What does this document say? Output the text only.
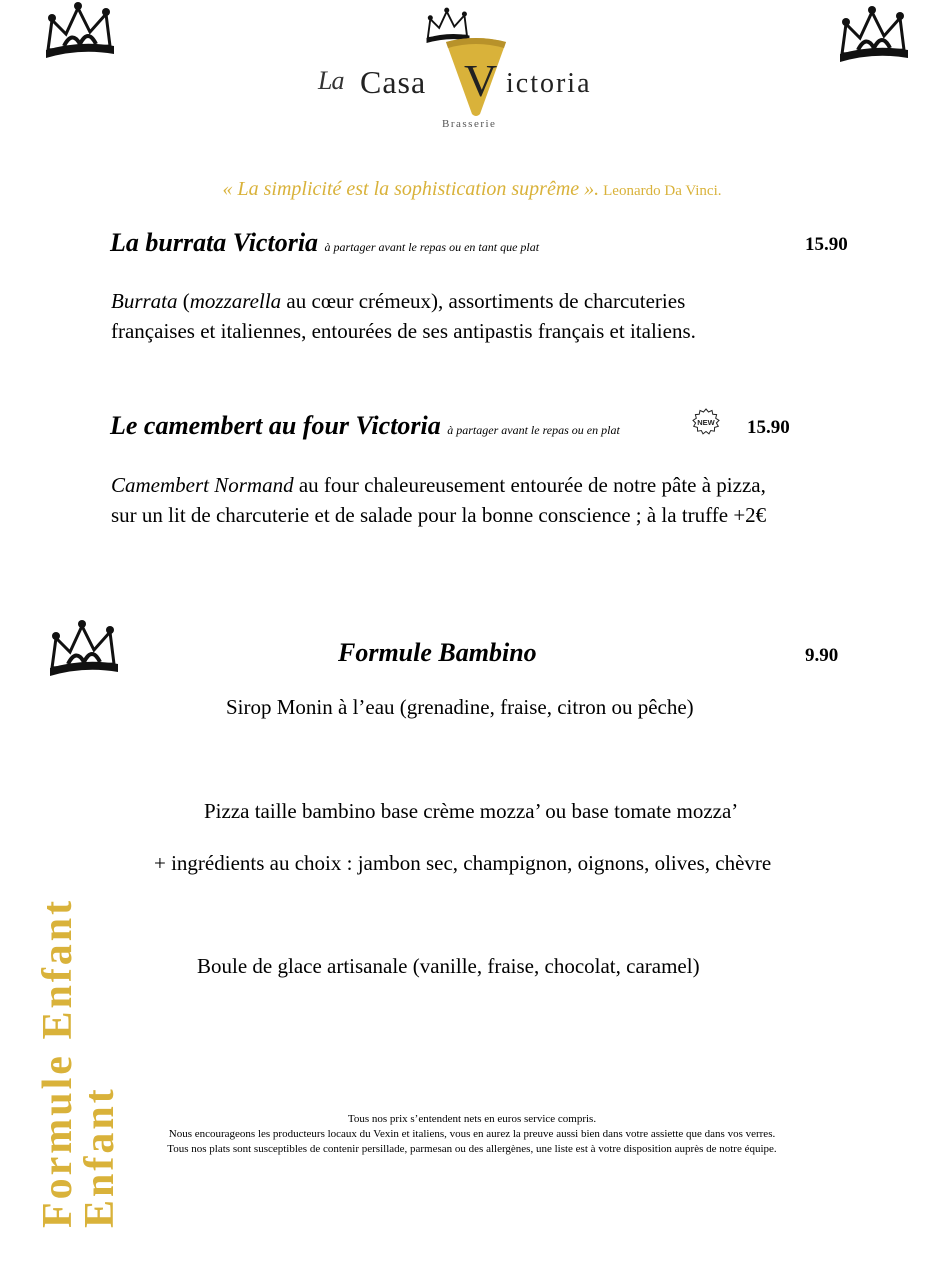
La Casa V ictoria
Brasserie
« La simplicité est la sophistication suprême ». Leonardo Da Vinci.
La burrata Victoria à partager avant le repas ou en tant que plat	15.90
Burrata (mozzarella au cœur crémeux), assortiments de charcuteries
françaises et italiennes, entourées de ses antipastis français et italiens.
Le camembert au four Victoria à partager avant le repas ou en plat
NEW 15.90
Camembert Normand au four chaleureusement entourée de notre pâte à pizza,
sur un lit de charcuterie et de salade pour la bonne conscience ; à la truffe +2€
Formule Bambino	9.90
Sirop Monin à l’eau (grenadine, fraise, citron ou pêche)
Pizza taille bambino base crème mozza’ ou base tomate mozza’
+ ingrédients au choix : jambon sec, champignon, oignons, olives, chèvre
Boule de glace artisanale (vanille, fraise, chocolat, caramel)
Formule Enfant
Enfant	Tous nos prix s’entendent nets en euros service compris.
Nous encourageons les producteurs locaux du Vexin et italiens, vous en aurez la preuve aussi bien dans votre assiette que dans vos verres.
Tous nos plats sont susceptibles de contenir persillade, parmesan ou des allergènes, une liste est à votre disposition auprès de notre équipe.
